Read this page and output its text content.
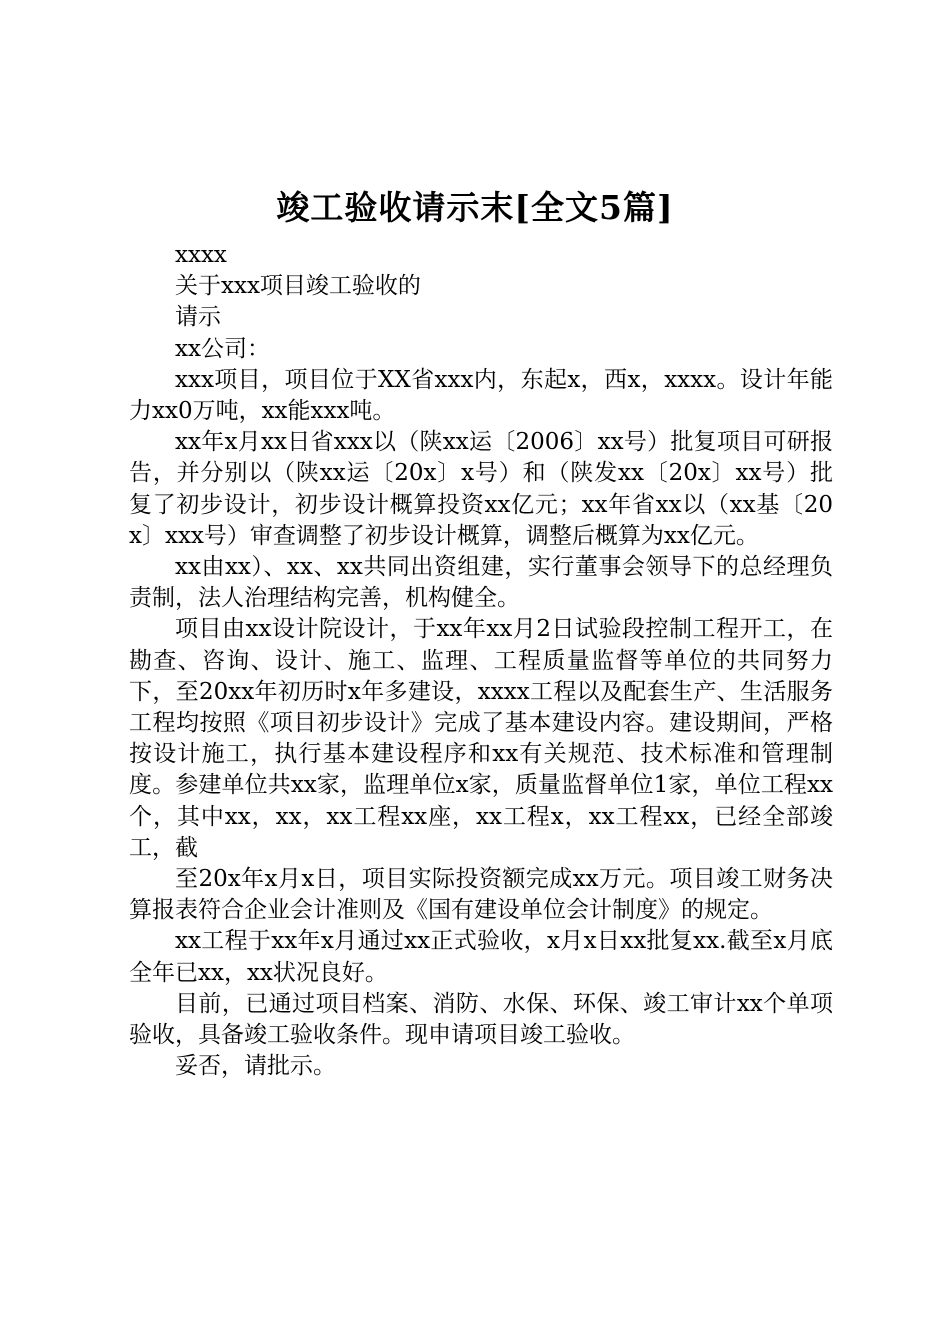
竣工验收请示末[全文5篇]

xxxx

关于xxx项目竣工验收的

请示

xx公司：

xxx项目，项目位于XX省xxx内，东起x，西x，xxxx。设计年能力xx0万吨，xx能xxx吨。

xx年x月xx日省xxx以（陕xx运〔2006〕xx号）批复项目可研报告，并分别以（陕xx运〔20x〕x号）和（陕发xx〔20x〕xx号）批复了初步设计，初步设计概算投资xx亿元；xx年省xx以（xx基〔20x〕xxx号）审查调整了初步设计概算，调整后概算为xx亿元。

xx由xx）、xx、xx共同出资组建，实行董事会领导下的总经理负责制，法人治理结构完善，机构健全。

项目由xx设计院设计，于xx年xx月2日试验段控制工程开工，在勘查、咨询、设计、施工、监理、工程质量监督等单位的共同努力下，至20xx年初历时x年多建设，xxxx工程以及配套生产、生活服务工程均按照《项目初步设计》完成了基本建设内容。建设期间，严格按设计施工，执行基本建设程序和xx有关规范、技术标准和管理制度。参建单位共xx家，监理单位x家，质量监督单位1家，单位工程xx个，其中xx，xx，xx工程xx座，xx工程x，xx工程xx，已经全部竣工，截

至20x年x月x日，项目实际投资额完成xx万元。项目竣工财务决算报表符合企业会计准则及《国有建设单位会计制度》的规定。

xx工程于xx年x月通过xx正式验收，x月x日xx批复xx.截至x月底全年已xx，xx状况良好。

目前，已通过项目档案、消防、水保、环保、竣工审计xx个单项验收，具备竣工验收条件。现申请项目竣工验收。

妥否，请批示。
